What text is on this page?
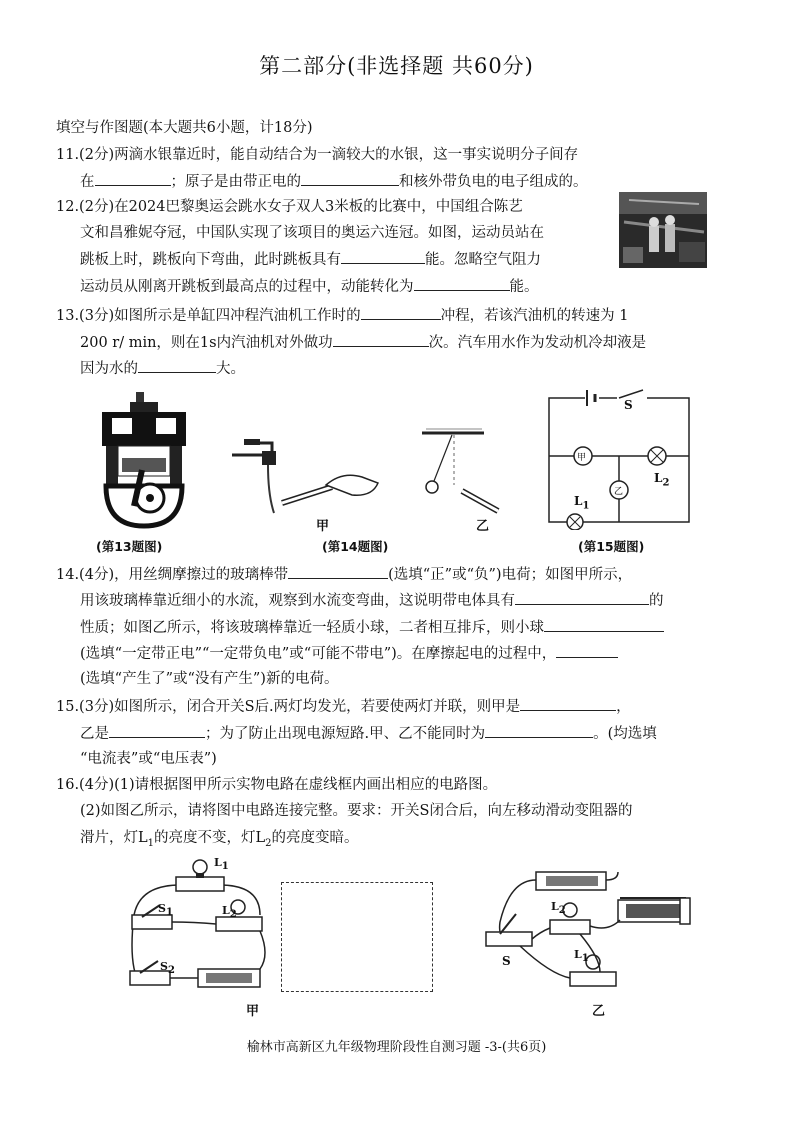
第二部分(非选择题 共60分)
填空与作图题(本大题共6小题，计18分)
11.(2分)两滴水银靠近时，能自动结合为一滴较大的水银，这一事实说明分子间存
在	；原子是由带正电的	和核外带负电的电子组成的。
12.(2分)在2024巴黎奥运会跳水女子双人3米板的比赛中，中国组合陈艺
文和昌雅妮夺冠，中国队实现了该项目的奥运六连冠。如图，运动员站在
跳板上时，跳板向下弯曲，此时跳板具有	能。忽略空气阻力
运动员从刚离开跳板到最高点的过程中，动能转化为	能。
13.(3分)如图所示是单缸四冲程汽油机工作时的	冲程，若该汽油机的转速为 1
200 r/ min，则在1s内汽油机对外做功	次。汽车用水作为发动机冷却液是
因为水的	大。
(第13题图)
甲	乙
(第14题图)
甲
乙
S
$L_1$
$L_2$
(第15题图)
14.(4分)，用丝绸摩擦过的玻璃棒带	(选填“正”或“负”)电荷；如图甲所示，
用该玻璃棒靠近细小的水流，观察到水流变弯曲，这说明带电体具有	的
性质；如图乙所示，将该玻璃棒靠近一轻质小球，二者相互排斥，则小球
(选填“一定带正电”“一定带负电”或“可能不带电”)。在摩擦起电的过程中，
(选填“产生了”或“没有产生”)新的电荷。
15.(3分)如图所示，闭合开关S后.两灯均发光，若要使两灯并联，则甲是	，
乙是	；为了防止出现电源短路.甲、乙不能同时为	。(均选填
“电流表”或“电压表”)
16.(4分)(1)请根据图甲所示实物电路在虚线框内画出相应的电路图。
(2)如图乙所示，请将图中电路连接完整。要求：开关S闭合后，向左移动滑动变阻器的
滑片，灯$L_1$的亮度不变，灯$L_2$的亮度变暗。
$L_1$
$S_1$	$L_2$
$S_2$
甲
$L_2$
$L_1$
S
乙
榆林市高新区九年级物理阶段性自测习题 -3-(共6页)
